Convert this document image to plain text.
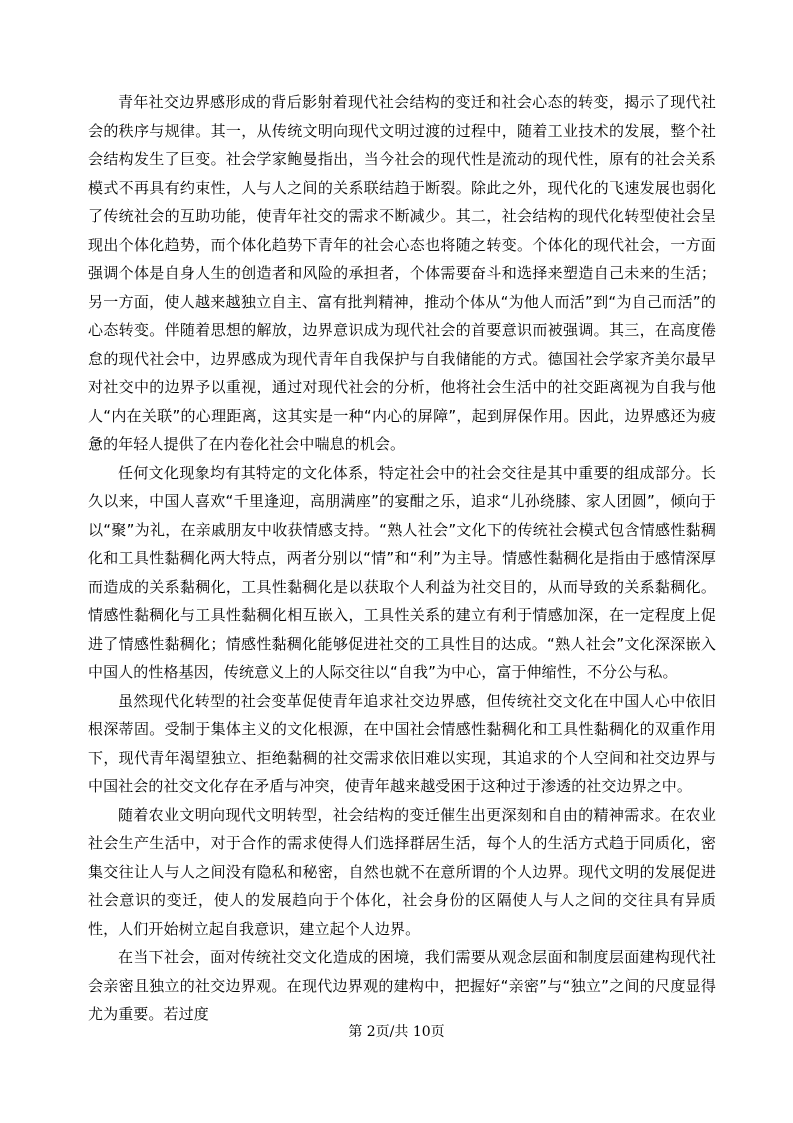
青年社交边界感形成的背后影射着现代社会结构的变迁和社会心态的转变，揭示了现代社会的秩序与规律。其一，从传统文明向现代文明过渡的过程中，随着工业技术的发展，整个社会结构发生了巨变。社会学家鲍曼指出，当今社会的现代性是流动的现代性，原有的社会关系模式不再具有约束性，人与人之间的关系联结趋于断裂。除此之外，现代化的飞速发展也弱化了传统社会的互助功能，使青年社交的需求不断减少。其二，社会结构的现代化转型使社会呈现出个体化趋势，而个体化趋势下青年的社会心态也将随之转变。个体化的现代社会，一方面强调个体是自身人生的创造者和风险的承担者，个体需要奋斗和选择来塑造自己未来的生活；另一方面，使人越来越独立自主、富有批判精神，推动个体从“为他人而活”到“为自己而活”的心态转变。伴随着思想的解放，边界意识成为现代社会的首要意识而被强调。其三，在高度倦怠的现代社会中，边界感成为现代青年自我保护与自我储能的方式。德国社会学家齐美尔最早对社交中的边界予以重视，通过对现代社会的分析，他将社会生活中的社交距离视为自我与他人“内在关联”的心理距离，这其实是一种“内心的屏障”，起到屏保作用。因此，边界感还为疲惫的年轻人提供了在内卷化社会中喘息的机会。

任何文化现象均有其特定的文化体系，特定社会中的社会交往是其中重要的组成部分。长久以来，中国人喜欢“千里逢迎，高朋满座”的宴酣之乐，追求“儿孙绕膝、家人团圆”，倾向于以“聚”为礼，在亲戚朋友中收获情感支持。“熟人社会”文化下的传统社会模式包含情感性黏稠化和工具性黏稠化两大特点，两者分别以“情”和“利”为主导。情感性黏稠化是指由于感情深厚而造成的关系黏稠化，工具性黏稠化是以获取个人利益为社交目的，从而导致的关系黏稠化。情感性黏稠化与工具性黏稠化相互嵌入，工具性关系的建立有利于情感加深，在一定程度上促进了情感性黏稠化；情感性黏稠化能够促进社交的工具性目的达成。“熟人社会”文化深深嵌入中国人的性格基因，传统意义上的人际交往以“自我”为中心，富于伸缩性，不分公与私。

虽然现代化转型的社会变革促使青年追求社交边界感，但传统社交文化在中国人心中依旧根深蒂固。受制于集体主义的文化根源，在中国社会情感性黏稠化和工具性黏稠化的双重作用下，现代青年渴望独立、拒绝黏稠的社交需求依旧难以实现，其追求的个人空间和社交边界与中国社会的社交文化存在矛盾与冲突，使青年越来越受困于这种过于渗透的社交边界之中。

随着农业文明向现代文明转型，社会结构的变迁催生出更深刻和自由的精神需求。在农业社会生产生活中，对于合作的需求使得人们选择群居生活，每个人的生活方式趋于同质化，密集交往让人与人之间没有隐私和秘密，自然也就不在意所谓的个人边界。现代文明的发展促进社会意识的变迁，使人的发展趋向于个体化，社会身份的区隔使人与人之间的交往具有异质性，人们开始树立起自我意识，建立起个人边界。

在当下社会，面对传统社交文化造成的困境，我们需要从观念层面和制度层面建构现代社会亲密且独立的社交边界观。在现代边界观的建构中，把握好“亲密”与“独立”之间的尺度显得尤为重要。若过度

第 2页/共 10页
